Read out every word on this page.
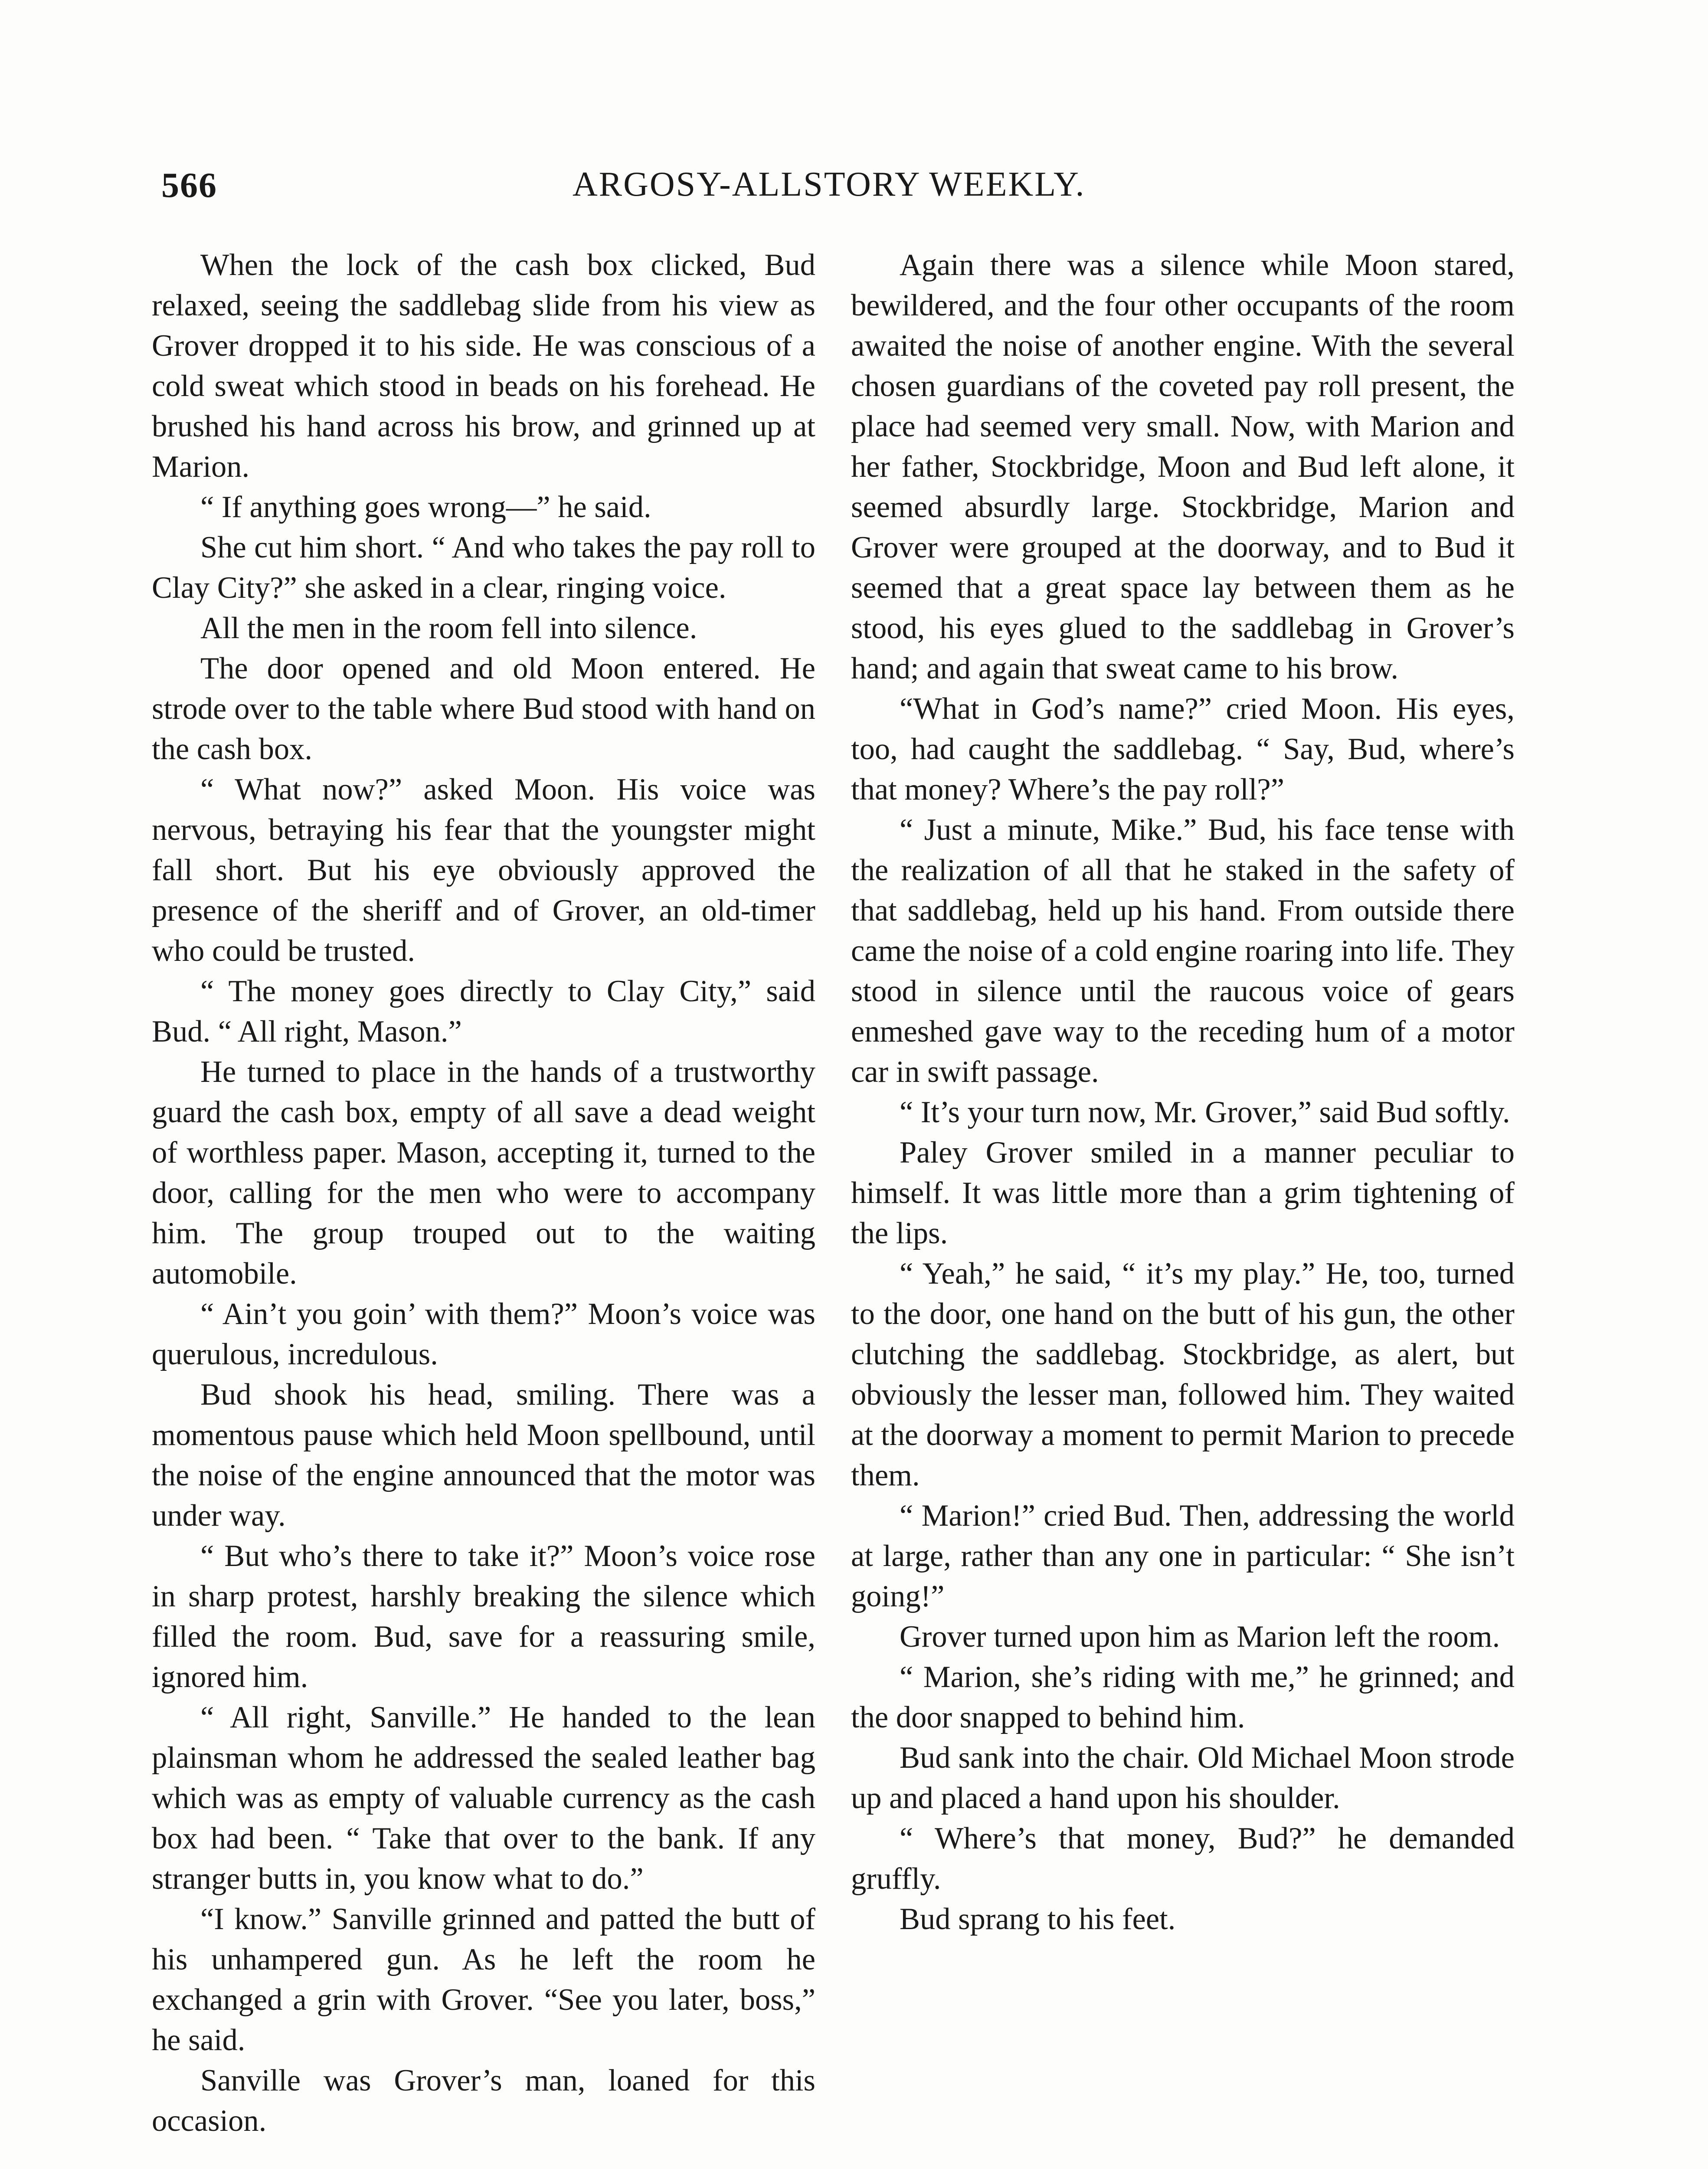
566	ARGOSY-ALLSTORY WEEKLY.

When the lock of the cash box clicked, Bud relaxed, seeing the saddlebag slide from his view as Grover dropped it to his side. He was conscious of a cold sweat which stood in beads on his forehead. He brushed his hand across his brow, and grinned up at Marion.

“ If anything goes wrong—” he said.

She cut him short. “ And who takes the pay roll to Clay City?” she asked in a clear, ringing voice.

All the men in the room fell into silence.

The door opened and old Moon entered. He strode over to the table where Bud stood with hand on the cash box.

“ What now?” asked Moon. His voice was nervous, betraying his fear that the youngster might fall short. But his eye obviously approved the presence of the sheriff and of Grover, an old-timer who could be trusted.

“ The money goes directly to Clay City,” said Bud. “ All right, Mason.”

He turned to place in the hands of a trustworthy guard the cash box, empty of all save a dead weight of worthless paper. Mason, accepting it, turned to the door, calling for the men who were to accompany him. The group trouped out to the waiting automobile.

“ Ain’t you goin’ with them?” Moon’s voice was querulous, incredulous.

Bud shook his head, smiling. There was a momentous pause which held Moon spellbound, until the noise of the engine announced that the motor was under way.

“ But who’s there to take it?” Moon’s voice rose in sharp protest, harshly breaking the silence which filled the room. Bud, save for a reassuring smile, ignored him.

“ All right, Sanville.” He handed to the lean plainsman whom he addressed the sealed leather bag which was as empty of valuable currency as the cash box had been. “ Take that over to the bank. If any stranger butts in, you know what to do.”

“I know.” Sanville grinned and patted the butt of his unhampered gun. As he left the room he exchanged a grin with Grover. “See you later, boss,” he said.

Sanville was Grover’s man, loaned for this occasion.

Again there was a silence while Moon stared, bewildered, and the four other occupants of the room awaited the noise of another engine. With the several chosen guardians of the coveted pay roll present, the place had seemed very small. Now, with Marion and her father, Stockbridge, Moon and Bud left alone, it seemed absurdly large. Stockbridge, Marion and Grover were grouped at the doorway, and to Bud it seemed that a great space lay between them as he stood, his eyes glued to the saddlebag in Grover’s hand; and again that sweat came to his brow.

“What in God’s name?” cried Moon. His eyes, too, had caught the saddlebag. “ Say, Bud, where’s that money? Where’s the pay roll?”

“ Just a minute, Mike.” Bud, his face tense with the realization of all that he staked in the safety of that saddlebag, held up his hand. From outside there came the noise of a cold engine roaring into life. They stood in silence until the raucous voice of gears enmeshed gave way to the receding hum of a motor car in swift passage.

“ It’s your turn now, Mr. Grover,” said Bud softly.

Paley Grover smiled in a manner peculiar to himself. It was little more than a grim tightening of the lips.

“ Yeah,” he said, “ it’s my play.” He, too, turned to the door, one hand on the butt of his gun, the other clutching the saddlebag. Stockbridge, as alert, but obviously the lesser man, followed him. They waited at the doorway a moment to permit Marion to precede them.

“ Marion!” cried Bud. Then, addressing the world at large, rather than any one in particular: “ She isn’t going!”

Grover turned upon him as Marion left the room.

“ Marion, she’s riding with me,” he grinned; and the door snapped to behind him.

Bud sank into the chair. Old Michael Moon strode up and placed a hand upon his shoulder.

“ Where’s that money, Bud?” he demanded gruffly.

Bud sprang to his feet.
